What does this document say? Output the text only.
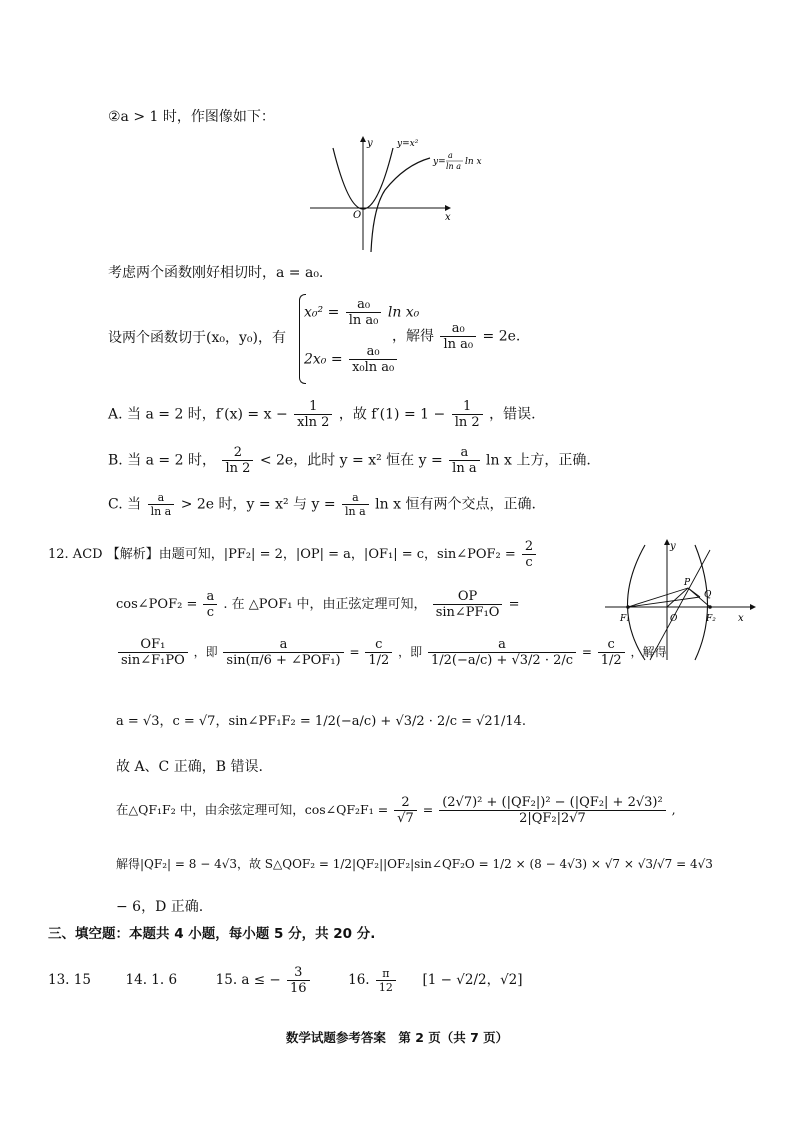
②a > 1 时，作图像如下：
y
x
O
y=x²
y=
a
ln a ln x
考虑两个函数刚好相切时，a = a₀.
设两个函数切于(x₀，y₀)，有
$x_0^2 = \frac{\text{a₀}}{\text{ln a₀}}$ ln x₀
$2x_0 = \frac{\text{a₀}}{\text{x₀ln a₀}}$
，解得 $\frac{\text{a₀}}{\text{ln a₀}} = 2e$.
A. 当 a = 2 时，$f'(x) = x - \frac{1}{xln 2}$ ，故 $f'(1) = 1 - \frac{1}{\ln 2}$ ，错误.
B. 当 a = 2 时， $\frac{2}{\ln 2} < 2e$，此时 y = x² 恒在 $y = \frac{a}{\text{ln a}}$ ln x 上方，正确.
C. 当 $\frac{a}{\text{ln a}} > 2e$ 时，y = x² 与 $y = \frac{a}{\text{ln a}}$ ln x 恒有两个交点，正确.
12. ACD 【解析】由题可知，|PF₂| = 2，|OP| = a，|OF₁| = c，sin∠POF₂ = $\frac{2}{c}$
cos∠POF₂ = $\frac{a}{c}$ . 在 △POF₁ 中，由正弦定理可知， $\frac{OP}{\text{sin∠PF₁O}}$ =
$\frac{\text{OF₁}}{\text{sin∠F₁PO}}$ ，即 $\frac{a}{\text{sin(π/6 + ∠POF₁)}} = \frac{c}{1/2}$ ，即 $\frac{a}{1/2(-a/c) + √3/2 \cdot 2/c} = \frac{c}{1/2}$ ，解得
a = √3，c = √7，sin∠PF₁F₂ = 1/2(−a/c) + √3/2 · 2/c = √21/14.
故 A、C 正确，B 错误.
在△QF₁F₂ 中，由余弦定理可知，cos∠QF₂F₁ = $\frac{2}{√7} = \frac{\text{(2√7)² + (|QF₂|)² − (|QF₂| + 2√3)²}}{\text{2|QF₂|2√7}}$ ,
解得|QF₂| = 8 − 4√3，故 S△QOF₂ = 1/2|QF₂||OF₂|sin∠QF₂O = 1/2 × (8 − 4√3) × √7 × √3/√7 = 4√3
− 6，D 正确.
y
x
P
Q
O
F₁	F₂
三、填空题：本题共 4 小题，每小题 5 分，共 20 分.
13. 15	14. 1. 6	15. a ≤ − $\frac{3}{16}$	16. $\frac{\pi}{12} [1 - √2/2$，√2]
数学试题参考答案　第 2 页（共 7 页）
